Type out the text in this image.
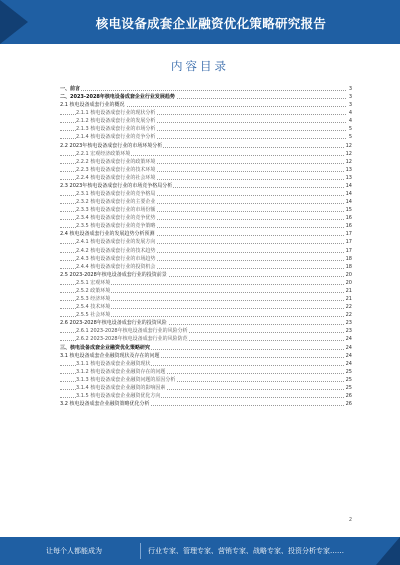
核电设备成套企业融资优化策略研究报告
内容目录
一、前言	3
二、2023-2028年核电设备成套企业行业发展趋势	3
2.1 核电设备成套行业的概况	3
2.1.1 核电设备成套行业的现状分析	4
2.1.2 核电设备成套行业的发展分析	4
2.1.3 核电设备成套行业的市场分析	5
2.1.4 核电设备成套行业的竞争分析	5
2.2 2023年核电设备成套行业的市场环境分析	12
2.2.1 宏观经济政策环境	12
2.2.2 核电设备成套行业的政策环境	12
2.2.3 核电设备成套行业的技术环境	13
2.2.4 核电设备成套行业的社会环境	13
2.3 2023年核电设备成套行业的市场竞争格局分析	14
2.3.1 核电设备成套行业的竞争格局	14
2.3.2 核电设备成套行业的主要企业	14
2.3.3 核电设备成套行业的市场份额	15
2.3.4 核电设备成套行业的竞争优势	16
2.3.5 核电设备成套行业的竞争策略	16
2.4 核电设备成套行业的发展趋势分析预测	17
2.4.1 核电设备成套行业的发展方向	17
2.4.2 核电设备成套行业的技术趋势	17
2.4.3 核电设备成套行业的市场趋势	18
2.4.4 核电设备成套行业的投资机会	18
2.5 2023-2028年核电设备成套行业的投资前景	20
2.5.1 宏观环境	20
2.5.2 政策环境	21
2.5.3 经济环境	21
2.5.4 技术环境	22
2.5.5 社会环境	22
2.6 2023-2028年核电设备成套行业的投资风险	23
2.6.1 2023-2028年核电设备成套行业的风险分析	23
2.6.2 2023-2028年核电设备成套行业的风险防范	24
三、核电设备成套企业融资优化策略研究	24
3.1 核电设备成套企业融资现状及存在的问题	24
3.1.1 核电设备成套企业融资现状	24
3.1.2 核电设备成套企业融资存在的问题	25
3.1.3 核电设备成套企业融资问题的原因分析	25
3.1.4 核电设备成套企业融资的影响因素	25
3.1.5 核电设备成套企业融资优化方向	26
3.2 核电设备成套企业融资策略优化分析	26
2
让每个人都能成为	行业专家、管理专家、营销专家、战略专家、投资分析专家……
